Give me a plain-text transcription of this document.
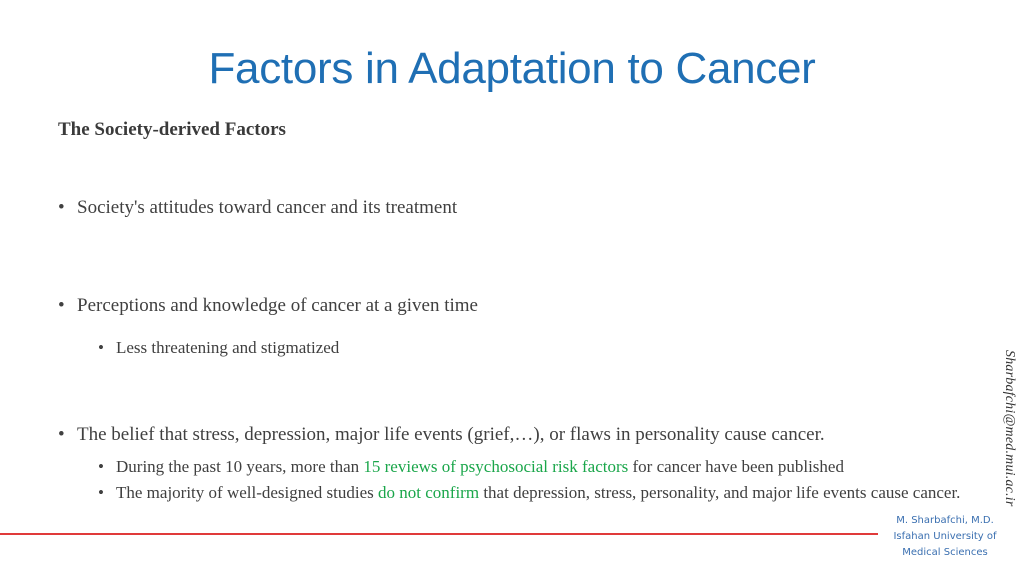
Factors in Adaptation to Cancer
The Society-derived Factors
• Society's attitudes toward cancer and its treatment
• Perceptions and knowledge of cancer at a given time
• Less threatening and stigmatized
• The belief that stress, depression, major life events (grief,…), or flaws in personality cause cancer.
• During the past 10 years, more than 15 reviews of psychosocial risk factors for cancer have been published
• The majority of well-designed studies do not confirm that depression, stress, personality, and major life events cause cancer.	Sharbafchi@med.mui.ac.ir
M. Sharbafchi, M.D.
Isfahan University of
Medical Sciences
